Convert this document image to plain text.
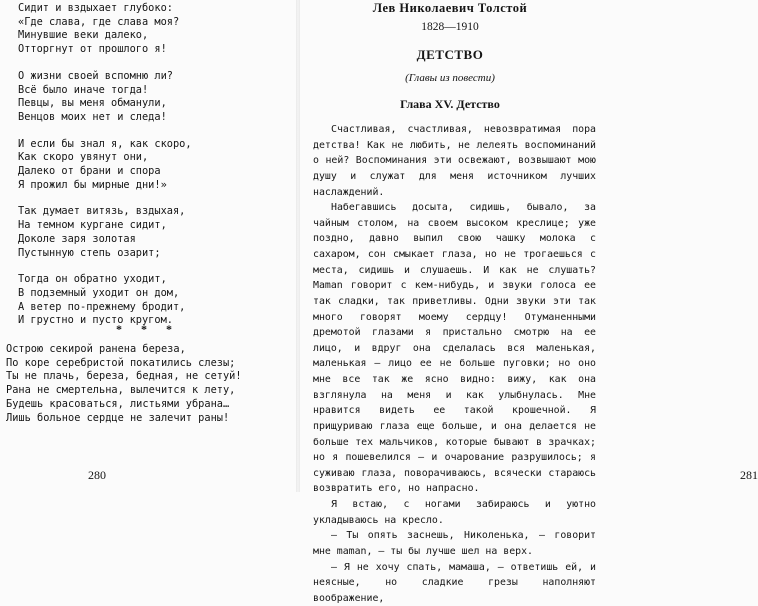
Сидит и вздыхает глубоко:
«Где слава, где слава моя?
Минувшие веки далеко,
Отторгнут от прошлого я!
О жизни своей вспомню ли?
Всё было иначе тогда!
Певцы, вы меня обманули,
Венцов моих нет и следа!
И если бы знал я, как скоро,
Как скоро увянут они,
Далеко от брани и спора
Я прожил бы мирные дни!»
Так думает витязь, вздыхая,
На темном кургане сидит,
Доколе заря золотая
Пустынную степь озарит;
Тогда он обратно уходит,
В подземный уходит он дом,
А ветер по-прежнему бродит,
И грустно и пусто кругом.
* * *
Острою секирой ранена береза,
По коре серебристой покатились слезы;
Ты не плачь, береза, бедная, не сетуй!
Рана не смертельна, вылечится к лету,
Будешь красоваться, листьями убрана…
Лишь больное сердце не залечит раны!
280
Лев Николаевич Толстой
1828—1910
ДЕТСТВО
(Главы из повести)
Глава XV. Детство

Счастливая, счастливая, невозвратимая пора детства! Как не любить, не лелеять воспоминаний о ней? Воспоминания эти освежают, возвышают мою душу и служат для меня источником лучших наслаждений.

Набегавшись досыта, сидишь, бывало, за чайным столом, на своем высоком креслице; уже поздно, давно выпил свою чашку молока с сахаром, сон смыкает глаза, но не трогаешься с места, сидишь и слушаешь. И как не слушать? Maman говорит с кем-нибудь, и звуки голоса ее так сладки, так приветливы. Одни звуки эти так много говорят моему сердцу! Отуманенными дремотой глазами я пристально смотрю на ее лицо, и вдруг она сделалась вся маленькая, маленькая — лицо ее не больше пуговки; но оно мне все так же ясно видно: вижу, как она взглянула на меня и как улыбнулась. Мне нравится видеть ее такой крошечной. Я прищуриваю глаза еще больше, и она делается не больше тех мальчиков, которые бывают в зрачках; но я пошевелился — и очарование разрушилось; я суживаю глаза, поворачиваюсь, всячески стараюсь возвратить его, но напрасно.

Я встаю, с ногами забираюсь и уютно укладываюсь на кресло.

— Ты опять заснешь, Николенька, — говорит мне maman, — ты бы лучше шел на верх.

— Я не хочу спать, мамаша, — ответишь ей, и неясные, но сладкие грезы наполняют воображение,

281
